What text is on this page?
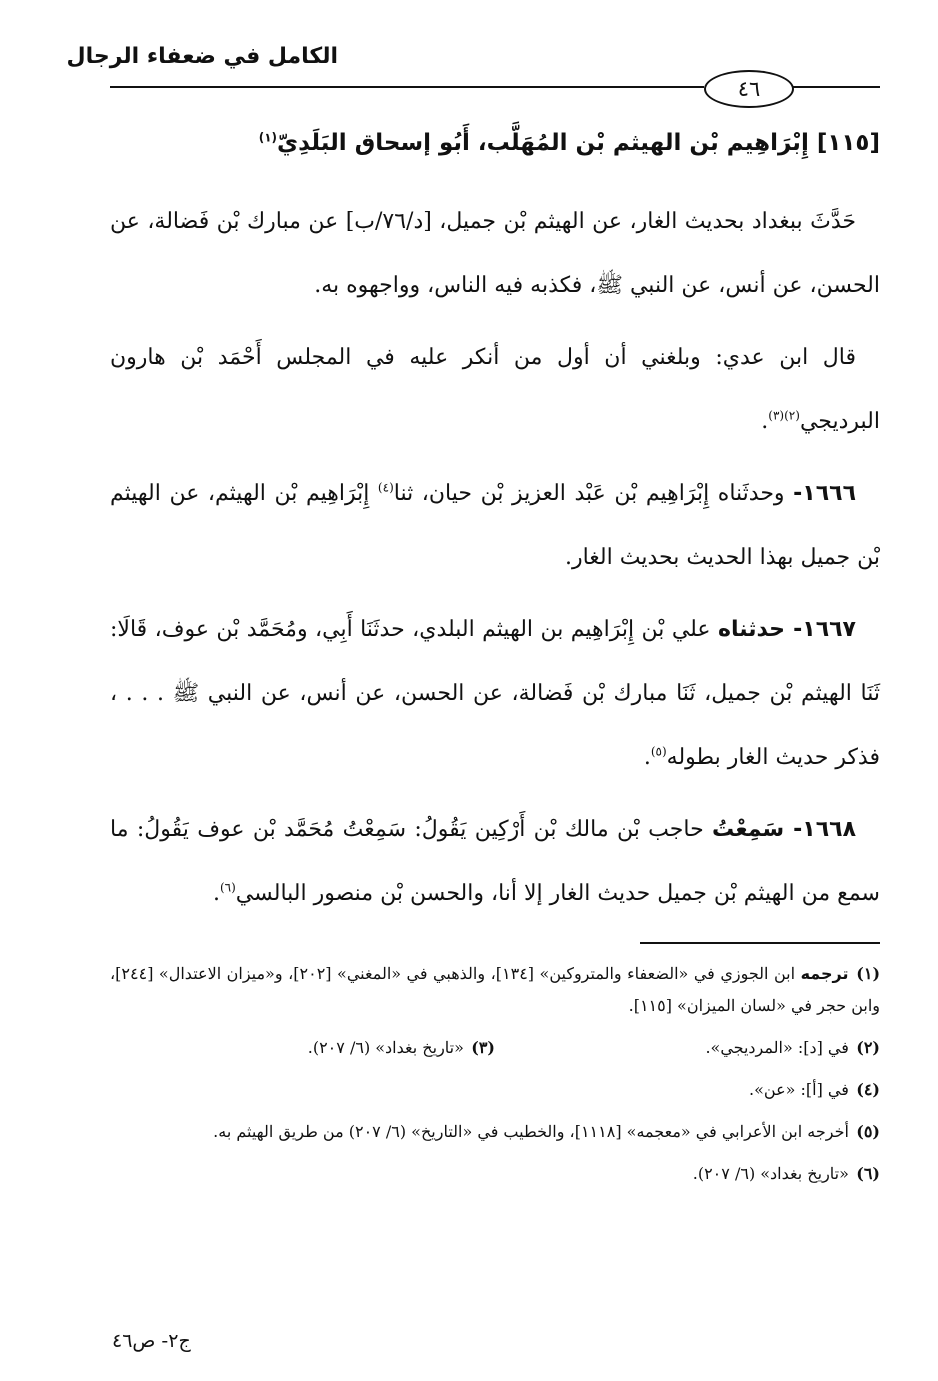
الكامل في ضعفاء الرجال
٤٦
[١١٥] إِبْرَاهِيم بْن الهيثم بْن المُهَلَّب، أَبُو إسحاق البَلَدِيّ$^{(١)}$

حَدَّثَ ببغداد بحديث الغار، عن الهيثم بْن جميل، [د/٧٦/ب] عن مبارك بْن فَضالة، عن الحسن، عن أنس، عن النبي ﷺ، فكذبه فيه الناس، وواجهوه به.

قال ابن عدي: وبلغني أن أول من أنكر عليه في المجلس أَحْمَد بْن هارون البرديجي$^{(٢)(٣)}$.

١٦٦٦- وحدثَناه إِبْرَاهِيم بْن عَبْد العزيز بْن حيان، ثنا$^{(٤)}$ إِبْرَاهِيم بْن الهيثم، عن الهيثم بْن جميل بهذا الحديث بحديث الغار.

١٦٦٧- حدثناه علي بْن إِبْرَاهِيم بن الهيثم البلدي، حدثَنَا أَبِي، ومُحَمَّد بْن عوف، قَالَا: ثَنَا الهيثم بْن جميل، ثَنَا مبارك بْن فَضالة، عن الحسن، عن أنس، عن النبي ﷺ . . . ، فذكر حديث الغار بطوله$^{(٥)}$.

١٦٦٨- سَمِعْتُ حاجب بْن مالك بْن أَرْكِين يَقُولُ: سَمِعْتُ مُحَمَّد بْن عوف يَقُولُ: ما سمع من الهيثم بْن جميل حديث الغار إلا أنا، والحسن بْن منصور البالسي$^{(٦)}$.

(١) ترجمه ابن الجوزي في «الضعفاء والمتروكين» [١٣٤]، والذهبي في «المغني» [٢٠٢]، و«ميزان الاعتدال» [٢٤٤]، وابن حجر في «لسان الميزان» [١١٥].

(٢) في [د]: «المرديجي».

(٣) «تاريخ بغداد» (٦/ ٢٠٧).

(٤) في [أ]: «عن».

(٥) أخرجه ابن الأعرابي في «معجمه» [١١١٨]، والخطيب في «التاريخ» (٦/ ٢٠٧) من طريق الهيثم به.

(٦) «تاريخ بغداد» (٦/ ٢٠٧).

ج٢- ص٤٦
